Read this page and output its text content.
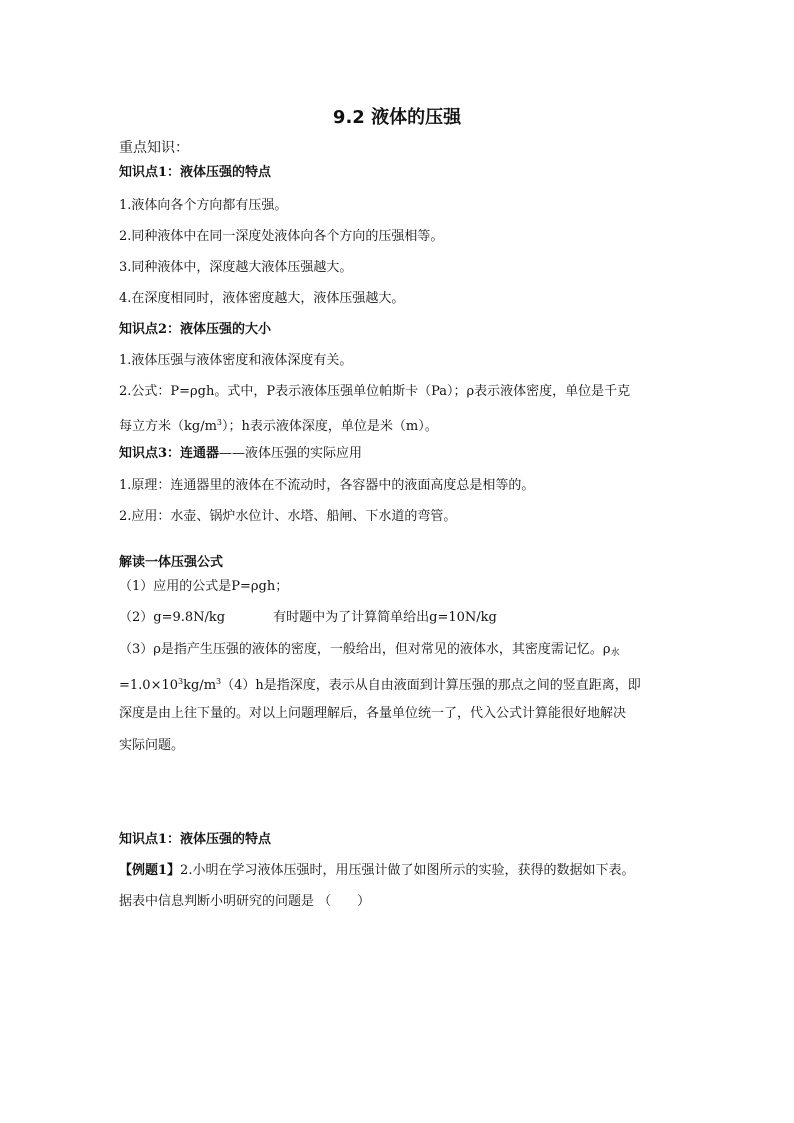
9.2 液体的压强
重点知识：
知识点1：液体压强的特点
1.液体向各个方向都有压强。
2.同种液体中在同一深度处液体向各个方向的压强相等。
3.同种液体中，深度越大液体压强越大。
4.在深度相同时，液体密度越大，液体压强越大。
知识点2：液体压强的大小
1.液体压强与液体密度和液体深度有关。
2.公式：P=ρgh。式中，P表示液体压强单位帕斯卡（Pa）；ρ表示液体密度，单位是千克
每立方米$(kg/m^3)$；h表示液体深度，单位是米（m）。
知识点3：连通器——液体压强的实际应用
1.原理：连通器里的液体在不流动时，各容器中的液面高度总是相等的。
2.应用：水壶、锅炉水位计、水塔、船闸、下水道的弯管。
解读一体压强公式
（1）应用的公式是P=ρgh；
（2）g=9.8N/kg	有时题中为了计算简单给出g=10N/kg
（3）ρ是指产生压强的液体的密度，一般给出，但对常见的液体水，其密度需记忆。$\rho_水$
$=1.0\times 10^3kg/m^3(4)h$是指深度，表示从自由液面到计算压强的那点之间的竖直距离，即
深度是由上往下量的。对以上问题理解后，各量单位统一了，代入公式计算能很好地解决
实际问题。
知识点1：液体压强的特点
【例题1】2.小明在学习液体压强时，用压强计做了如图所示的实验，获得的数据如下表。
据表中信息判断小明研究的问题是 （　　）
